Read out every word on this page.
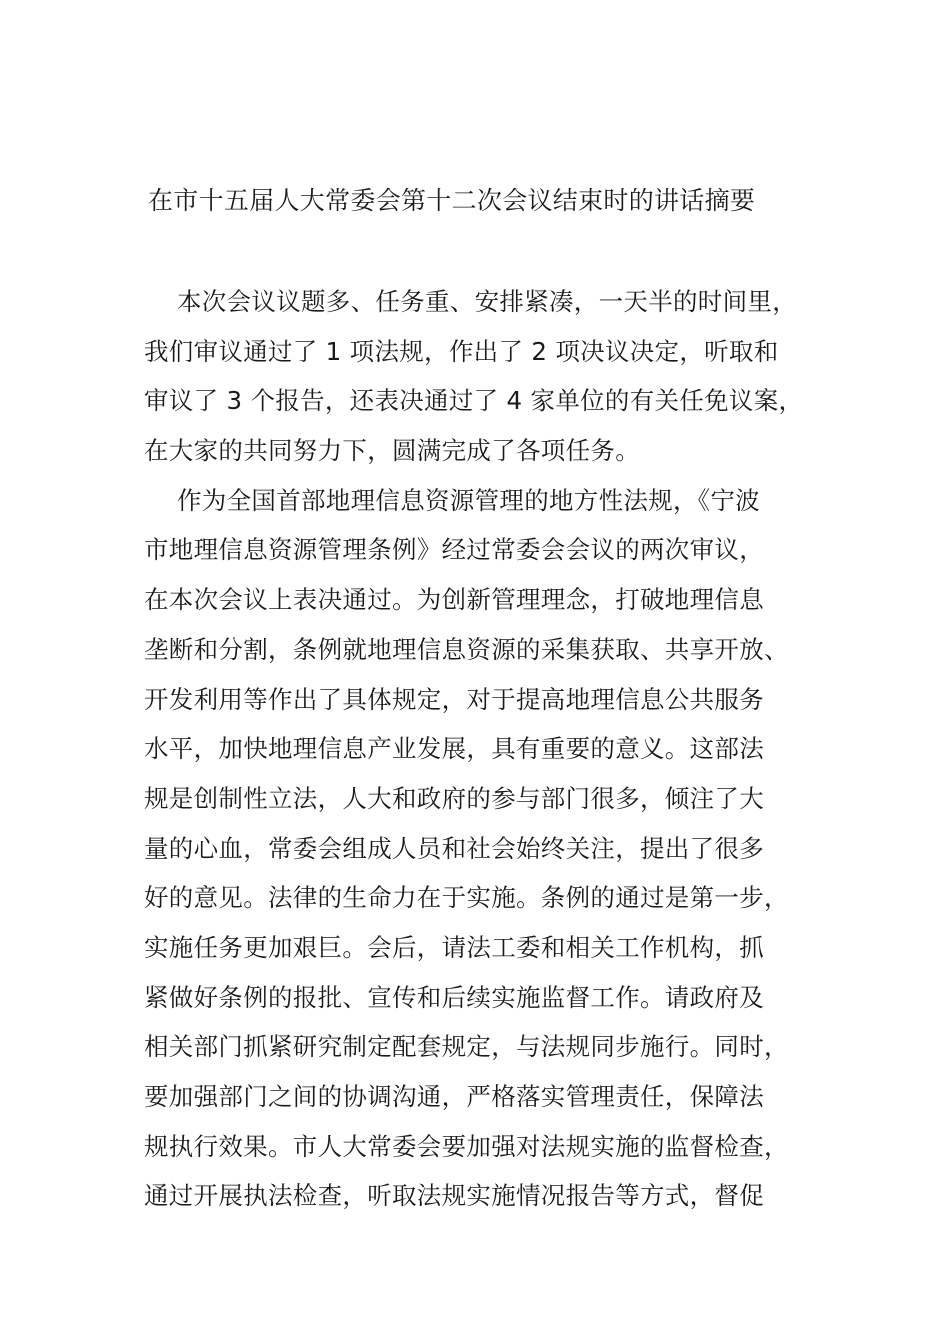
在市十五届人大常委会第十二次会议结束时的讲话摘要
本次会议议题多、任务重、安排紧凑，一天半的时间里，
我们审议通过了 1 项法规，作出了 2 项决议决定，听取和
审议了 3 个报告，还表决通过了 4 家单位的有关任免议案，
在大家的共同努力下，圆满完成了各项任务。
作为全国首部地理信息资源管理的地方性法规，《宁波
市地理信息资源管理条例》经过常委会会议的两次审议，
在本次会议上表决通过。为创新管理理念，打破地理信息
垄断和分割，条例就地理信息资源的采集获取、共享开放、
开发利用等作出了具体规定，对于提高地理信息公共服务
水平，加快地理信息产业发展，具有重要的意义。这部法
规是创制性立法，人大和政府的参与部门很多，倾注了大
量的心血，常委会组成人员和社会始终关注，提出了很多
好的意见。法律的生命力在于实施。条例的通过是第一步，
实施任务更加艰巨。会后，请法工委和相关工作机构，抓
紧做好条例的报批、宣传和后续实施监督工作。请政府及
相关部门抓紧研究制定配套规定，与法规同步施行。同时，
要加强部门之间的协调沟通，严格落实管理责任，保障法
规执行效果。市人大常委会要加强对法规实施的监督检查，
通过开展执法检查，听取法规实施情况报告等方式，督促
